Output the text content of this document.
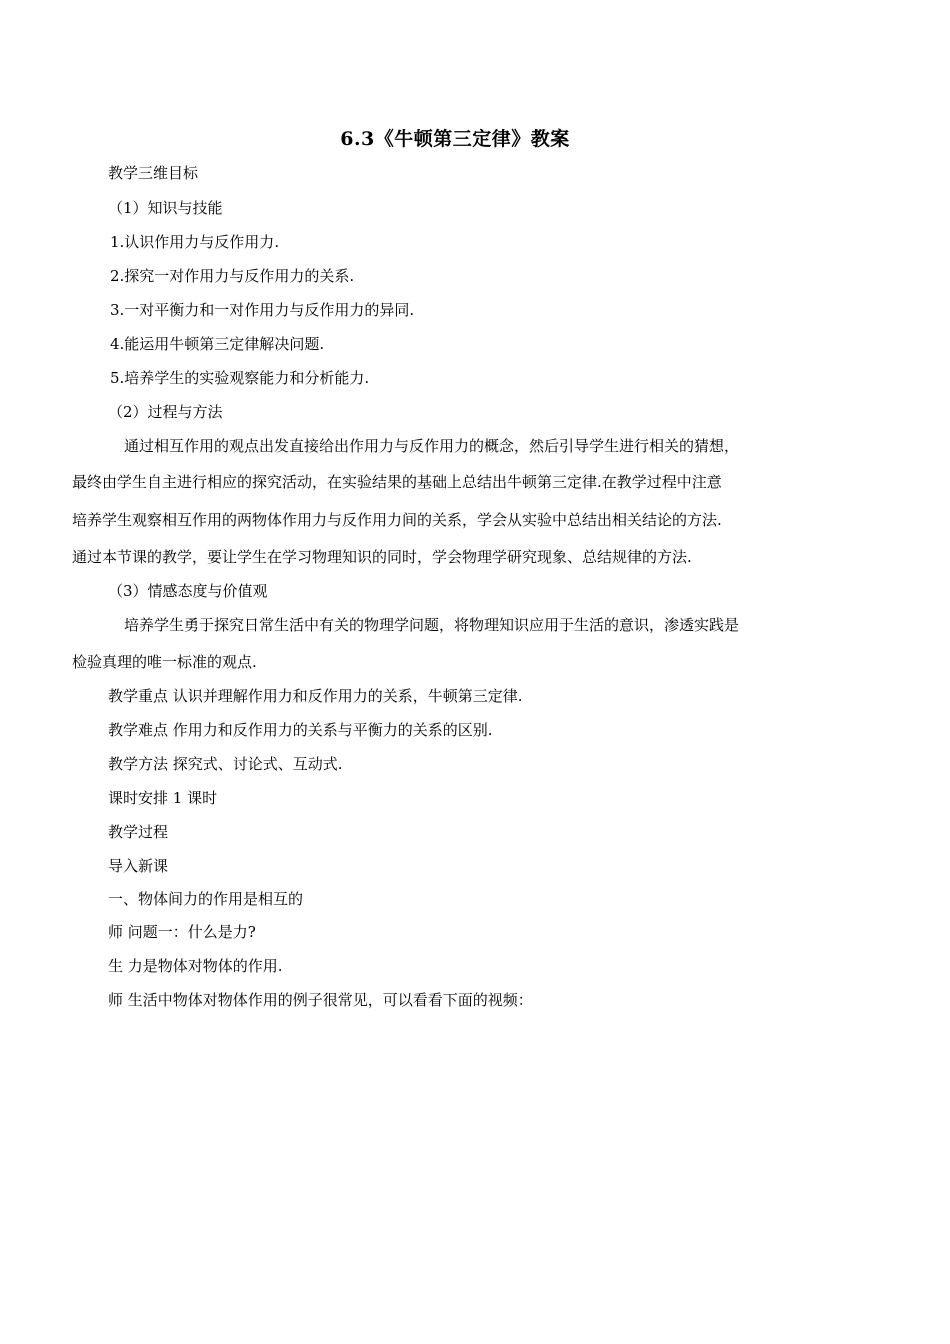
6.3《牛顿第三定律》教案
教学三维目标
（1）知识与技能
1.认识作用力与反作用力.
2.探究一对作用力与反作用力的关系.
3.一对平衡力和一对作用力与反作用力的异同.
4.能运用牛顿第三定律解决问题.
5.培养学生的实验观察能力和分析能力.
（2）过程与方法
通过相互作用的观点出发直接给出作用力与反作用力的概念，然后引导学生进行相关的猜想，
最终由学生自主进行相应的探究活动，在实验结果的基础上总结出牛顿第三定律.在教学过程中注意
培养学生观察相互作用的两物体作用力与反作用力间的关系，学会从实验中总结出相关结论的方法.
通过本节课的教学，要让学生在学习物理知识的同时，学会物理学研究现象、总结规律的方法.
（3）情感态度与价值观
培养学生勇于探究日常生活中有关的物理学问题，将物理知识应用于生活的意识，渗透实践是
检验真理的唯一标准的观点.
教学重点 认识并理解作用力和反作用力的关系，牛顿第三定律.
教学难点 作用力和反作用力的关系与平衡力的关系的区别.
教学方法 探究式、讨论式、互动式.
课时安排 1 课时
教学过程
导入新课
一、物体间力的作用是相互的
师 问题一：什么是力?
生 力是物体对物体的作用.
师 生活中物体对物体作用的例子很常见，可以看看下面的视频：
